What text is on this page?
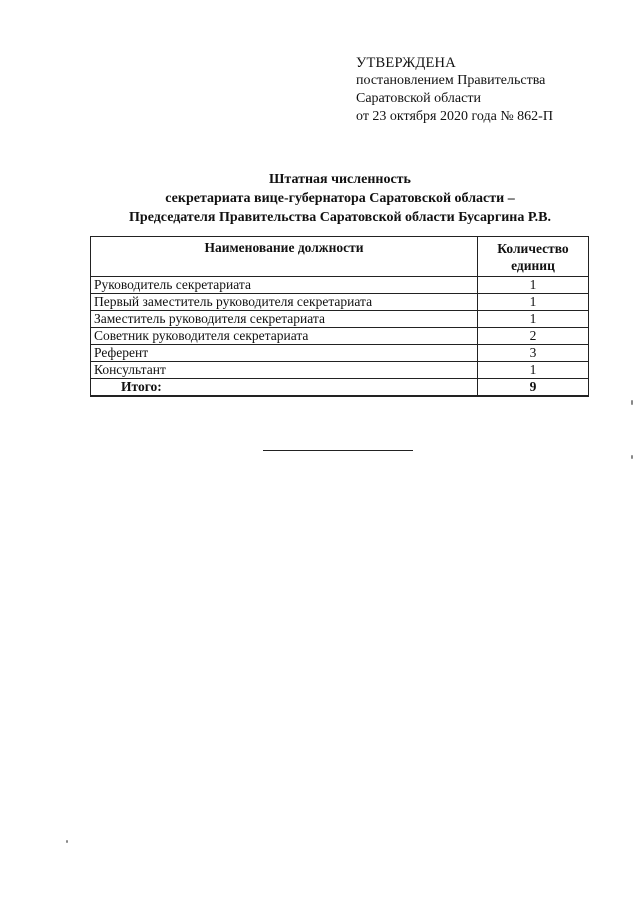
УТВЕРЖДЕНА
постановлением Правительства
Саратовской области
от 23 октября 2020 года № 862-П
Штатная численность
секретариата вице-губернатора Саратовской области –
Председателя Правительства Саратовской области Бусаргина Р.В.
Наименование должности	Количество
единиц

Руководитель секретариата	1
Первый заместитель руководителя секретариата	1
Заместитель руководителя секретариата	1
Советник руководителя секретариата	2
Референт	3
Консультант	1
Итого:	9
